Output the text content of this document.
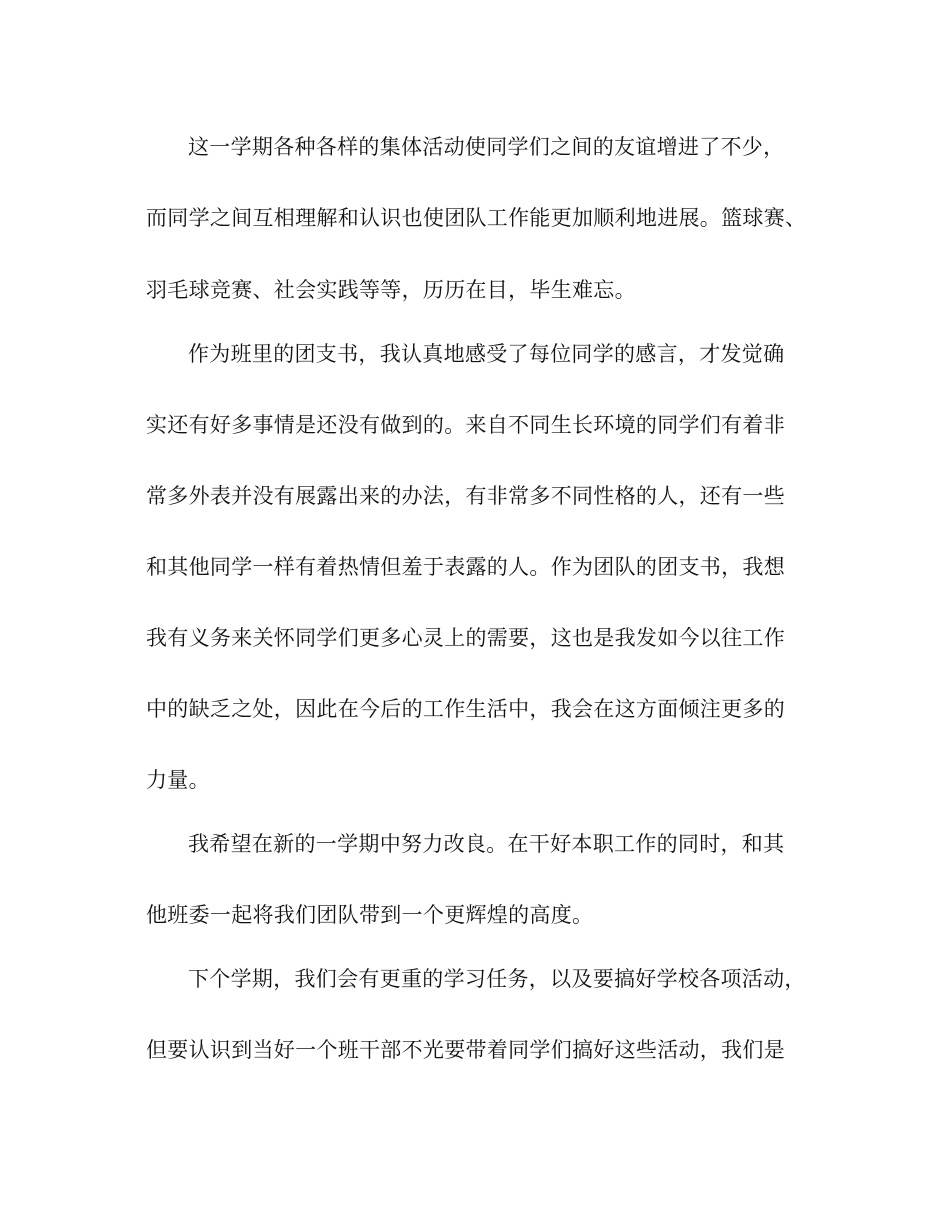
这一学期各种各样的集体活动使同学们之间的友谊增进了不少，
而同学之间互相理解和认识也使团队工作能更加顺利地进展。篮球赛、
羽毛球竞赛、社会实践等等，历历在目，毕生难忘。
作为班里的团支书，我认真地感受了每位同学的感言，才发觉确
实还有好多事情是还没有做到的。来自不同生长环境的同学们有着非
常多外表并没有展露出来的办法，有非常多不同性格的人，还有一些
和其他同学一样有着热情但羞于表露的人。作为团队的团支书，我想
我有义务来关怀同学们更多心灵上的需要，这也是我发如今以往工作
中的缺乏之处，因此在今后的工作生活中，我会在这方面倾注更多的
力量。
我希望在新的一学期中努力改良。在干好本职工作的同时，和其
他班委一起将我们团队带到一个更辉煌的高度。
下个学期，我们会有更重的学习任务，以及要搞好学校各项活动，
但要认识到当好一个班干部不光要带着同学们搞好这些活动，我们是
